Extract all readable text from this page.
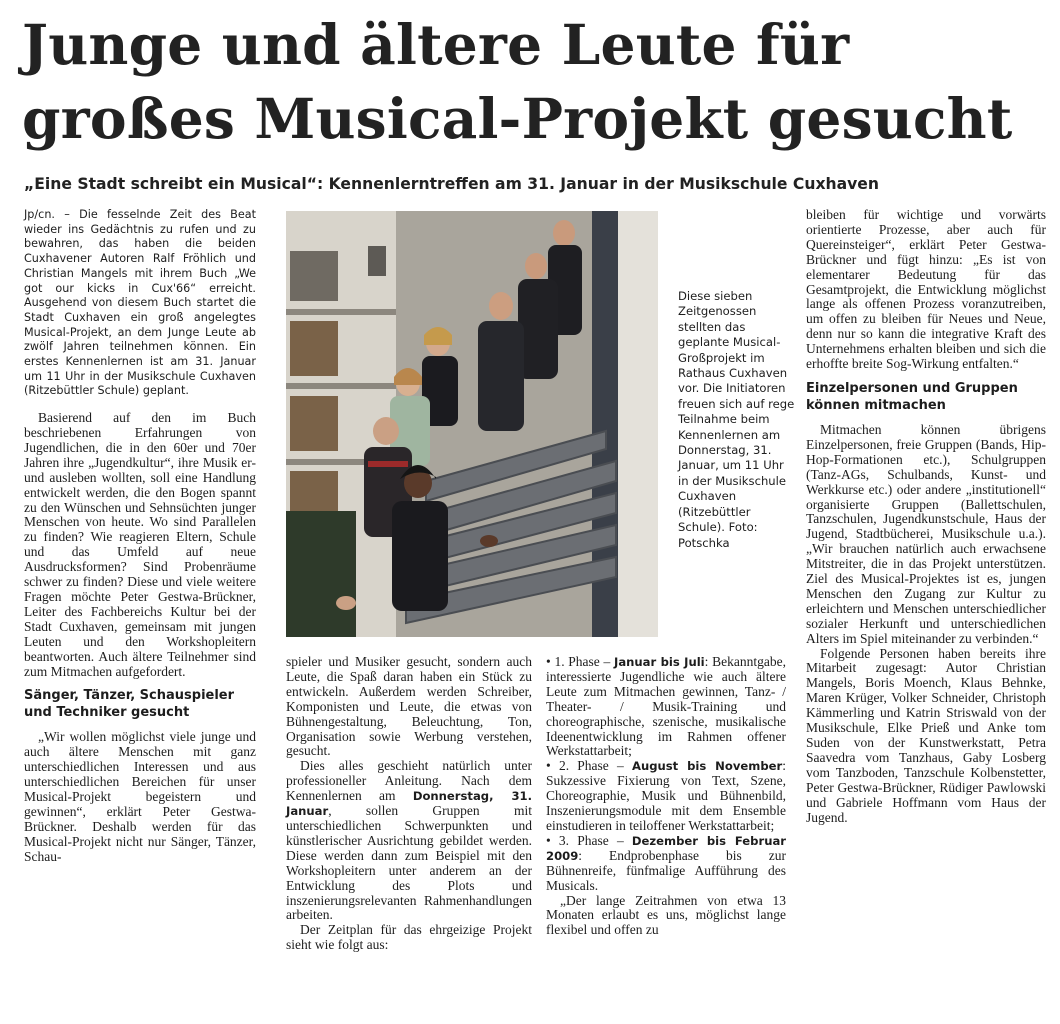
Junge und ältere Leute für
großes Musical-Projekt gesucht
„Eine Stadt schreibt ein Musical“: Kennenlerntreffen am 31. Januar in der Musikschule Cuxhaven

Jp/cn. – Die fesselnde Zeit des Beat wieder ins Gedächtnis zu rufen und zu bewahren, das haben die beiden Cuxhavener Autoren Ralf Fröhlich und Christian Mangels mit ihrem Buch „We got our kicks in Cux'66“ erreicht. Ausgehend von diesem Buch startet die Stadt Cuxhaven ein groß angelegtes Musical-Projekt, an dem Junge Leute ab zwölf Jahren teilnehmen können. Ein erstes Kennenlernen ist am 31. Januar um 11 Uhr in der Musikschule Cuxhaven (Ritzebüttler Schule) geplant.

Basierend auf den im Buch beschriebenen Erfahrungen von Jugendlichen, die in den 60er und 70er Jahren ihre „Jugendkultur“, ihre Musik er- und ausleben wollten, soll eine Handlung entwickelt werden, die den Bogen spannt zu den Wünschen und Sehnsüchten junger Menschen von heute. Wo sind Parallelen zu finden? Wie reagieren Eltern, Schule und das Umfeld auf neue Ausdrucksformen? Sind Probenräume schwer zu finden? Diese und viele weitere Fragen möchte Peter Gestwa-Brückner, Leiter des Fachbereichs Kultur bei der Stadt Cuxhaven, gemeinsam mit jungen Leuten und den Workshopleitern beantworten. Auch ältere Teilnehmer sind zum Mitmachen aufgefordert.

Sänger, Tänzer, Schauspieler und Techniker gesucht

„Wir wollen möglichst viele junge und auch ältere Menschen mit ganz unterschiedlichen Interessen und aus unterschiedlichen Bereichen für unser Musical-Projekt begeistern und gewinnen“, erklärt Peter Gestwa-Brückner. Deshalb werden für das Musical-Projekt nicht nur Sänger, Tänzer, Schau-

Diese sieben Zeitgenossen stellten das geplante Musical-Großprojekt im Rathaus Cuxhaven vor. Die Initiatoren freuen sich auf rege Teilnahme beim Kennenlernen am Donnerstag, 31. Januar, um 11 Uhr in der Musikschule Cuxhaven (Ritzebüttler Schule). Foto: Potschka

spieler und Musiker gesucht, sondern auch Leute, die Spaß daran haben ein Stück zu entwickeln. Außerdem werden Schreiber, Komponisten und Leute, die etwas von Bühnengestaltung, Beleuchtung, Ton, Organisation sowie Werbung verstehen, gesucht.

Dies alles geschieht natürlich unter professioneller Anleitung. Nach dem Kennenlernen am Donnerstag, 31. Januar, sollen Gruppen mit unterschiedlichen Schwerpunkten und künstlerischer Ausrichtung gebildet werden. Diese werden dann zum Beispiel mit den Workshopleitern unter anderem an der Entwicklung des Plots und inszenierungsrelevanten Rahmenhandlungen arbeiten.

Der Zeitplan für das ehrgeizige Projekt sieht wie folgt aus:

• 1. Phase – Januar bis Juli: Bekanntgabe, interessierte Jugendliche wie auch ältere Leute zum Mitmachen gewinnen, Tanz- / Theater- / Musik-Training und choreographische, szenische, musikalische Ideenentwicklung im Rahmen offener Werkstattarbeit;

• 2. Phase – August bis November: Sukzessive Fixierung von Text, Szene, Choreographie, Musik und Bühnenbild, Inszenierungsmodule mit dem Ensemble einstudieren in teiloffener Werkstattarbeit;

• 3. Phase – Dezember bis Februar 2009: Endprobenphase bis zur Bühnenreife, fünfmalige Aufführung des Musicals.

„Der lange Zeitrahmen von etwa 13 Monaten erlaubt es uns, möglichst lange flexibel und offen zu

bleiben für wichtige und vorwärts orientierte Prozesse, aber auch für Quereinsteiger“, erklärt Peter Gestwa-Brückner und fügt hinzu: „Es ist von elementarer Bedeutung für das Gesamtprojekt, die Entwicklung möglichst lange als offenen Prozess voranzutreiben, um offen zu bleiben für Neues und Neue, denn nur so kann die integrative Kraft des Unternehmens erhalten bleiben und sich die erhoffte breite Sog-Wirkung entfalten.“

Einzelpersonen und Gruppen können mitmachen

Mitmachen können übrigens Einzelpersonen, freie Gruppen (Bands, Hip-Hop-Formationen etc.), Schulgruppen (Tanz-AGs, Schulbands, Kunst- und Werkkurse etc.) oder andere „institutionell“ organisierte Gruppen (Ballettschulen, Tanzschulen, Jugendkunstschule, Haus der Jugend, Stadtbücherei, Musikschule u.a.). „Wir brauchen natürlich auch erwachsene Mitstreiter, die in das Projekt unterstützen. Ziel des Musical-Projektes ist es, jungen Menschen den Zugang zur Kultur zu erleichtern und Menschen unterschiedlicher sozialer Herkunft und unterschiedlichen Alters im Spiel miteinander zu verbinden.“

Folgende Personen haben bereits ihre Mitarbeit zugesagt: Autor Christian Mangels, Boris Moench, Klaus Behnke, Maren Krüger, Volker Schneider, Christoph Kämmerling und Katrin Striswald von der Musikschule, Elke Prieß und Anke tom Suden von der Kunstwerkstatt, Petra Saavedra vom Tanzhaus, Gaby Losberg vom Tanzboden, Tanzschule Kolbenstetter, Peter Gestwa-Brückner, Rüdiger Pawlowski und Gabriele Hoffmann vom Haus der Jugend.
